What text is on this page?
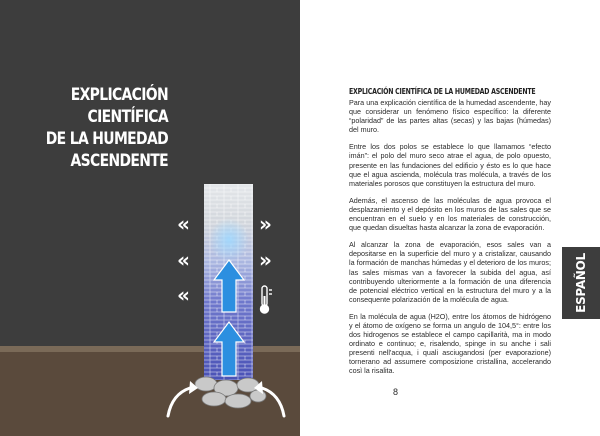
EXPLICACIÓN
CIENTÍFICA
DE LA HUMEDAD
ASCENDENTE
«
«
«
»
»
EXPLICACIÓN CIENTÍFICA DE LA HUMEDAD ASCENDENTE

Para una explicación científica de la humedad ascendente, hay que considerar un fenómeno físico específico: la diferente “polaridad” de las partes altas (secas) y las bajas (húmedas) del muro.

Entre los dos polos se establece lo que llamamos “efecto imán”: el polo del muro seco atrae el agua, de polo opuesto, presente en las fundaciones del edificio y ésto es lo que hace que el agua ascienda, molécula tras molécula, a través de los materiales porosos que constituyen la estructura del muro.

Además, el ascenso de las moléculas de agua provoca el desplazamiento y el depósito en los muros de las sales que se encuentran en el suelo y en los materiales de construcción, que quedan disueltas hasta alcanzar la zona de evaporación.

Al alcanzar la zona de evaporación, esos sales van a depositarse en la superficie del muro y a cristalizar, causando la formación de manchas húmedas y el deterioro de los muros; las sales mismas van a favorecer la subida del agua, así contribuyendo ulteriormente a la formación de una diferencia de potencial eléctrico vertical en la estructura del muro y a la consequente polarización de la molécula de agua.

En la molécula de agua (H2O), entre los átomos de hidrógeno y el átomo de oxígeno se forma un angulo de 104,5°: entre los dos hidrogenos se establece el campo capillarità, ma in modo ordinato e continuo; e, risalendo, spinge in su anche i sali presenti nell'acqua, i quali asciugandosi (per evaporazione) tornerano ad assumere composizione cristallina, accelerando così la risalita.

8
ESPAÑOL
